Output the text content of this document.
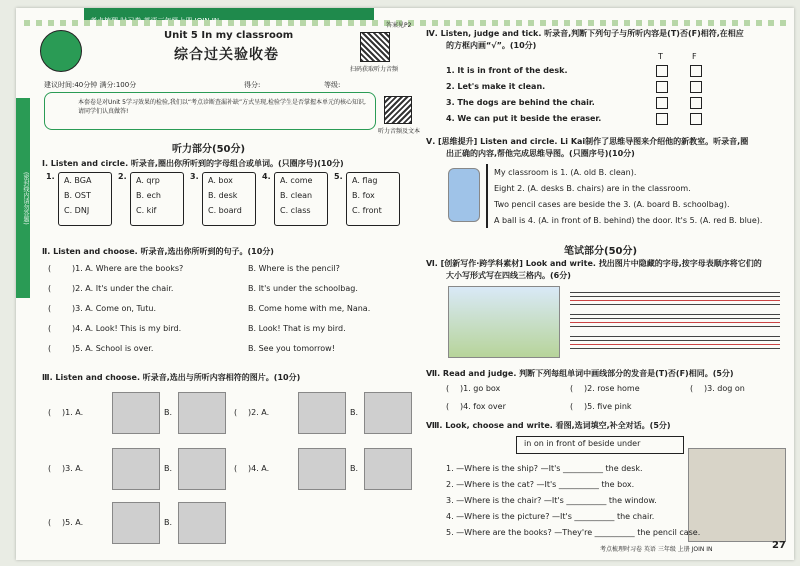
(密封线内请勿答题)
答案见P2
Unit 5 In my classroom
综合过关验收卷
扫码获取听力音频
建议时间:40分钟 满分:100分	得分:	等级:
本套卷是对Unit 5学习效果的检验,我们以“考点诊断查漏补缺”方式呈现,检验学生是否掌握本单元的核心知识,请同学们认真做答!
听力音频及文本
听力部分(50分)
Ⅰ. Listen and circle. 听录音,圈出你所听到的字母组合或单词。(只圈序号)(10分)
1. A. BGA
B. OST
C. DNJ
2. A. qrp
B. ech
C. kif
3. A. box
B. desk
C. board
4. A. come
B. clean
C. class
5. A. flag
B. fox
C. front
Ⅱ. Listen and choose. 听录音,选出你所听到的句子。(10分)
(	)1. A. Where are the books?	B. Where is the pencil?
(	)2. A. It's under the chair.	B. It's under the schoolbag.
(	)3. A. Come on, Tutu.	B. Come home with me, Nana.
(	)4. A. Look! This is my bird.	B. Look! That is my bird.
(	)5. A. School is over.	B. See you tomorrow!
Ⅲ. Listen and choose. 听录音,选出与所听内容相符的图片。(10分)
( )1. A.	B.	( )2. A.	B.
( )3. A.	B.	( )4. A.	B.
( )5. A.	B.
Ⅳ. Listen, judge and tick. 听录音,判断下列句子与所听内容是(T)否(F)相符,在相应
的方框内画“√”。(10分)
T	F
1. It is in front of the desk.
2. Let's make it clean.
3. The dogs are behind the chair.
4. We can put it beside the eraser.
Ⅴ. [思维提升] Listen and circle. Li Kai制作了思维导图来介绍他的新教室。听录音,圈
出正确的内容,帮他完成思维导图。(只圈序号)(10分)
My classroom is 1. (A. old B. clean).
Eight 2. (A. desks B. chairs) are in the classroom.
Two pencil cases are beside the 3. (A. board B. schoolbag).
A ball is 4. (A. in front of B. behind) the door. It's 5. (A. red B. blue).
笔试部分(50分)
Ⅵ. [创新写作·跨学科素材] Look and write. 找出图片中隐藏的字母,按字母表顺序将它们的
大小写形式写在四线三格内。(6分)
Ⅶ. Read and judge. 判断下列每组单词中画线部分的发音是(T)否(F)相同。(5分)
( )1. go box	( )2. rose home	( )3. dog on
( )4. fox over	( )5. five pink
Ⅷ. Look, choose and write. 看图,选词填空,补全对话。(5分)
in on in front of beside under
1. —Where is the ship? —It's __________ the desk.
2. —Where is the cat? —It's __________ the box.
3. —Where is the chair? —It's __________ the window.
4. —Where is the picture? —It's __________ the chair.
5. —Where are the books? —They're __________ the pencil case.
考点梳理时习卷 英语 三年级 上册 JOIN IN	27
